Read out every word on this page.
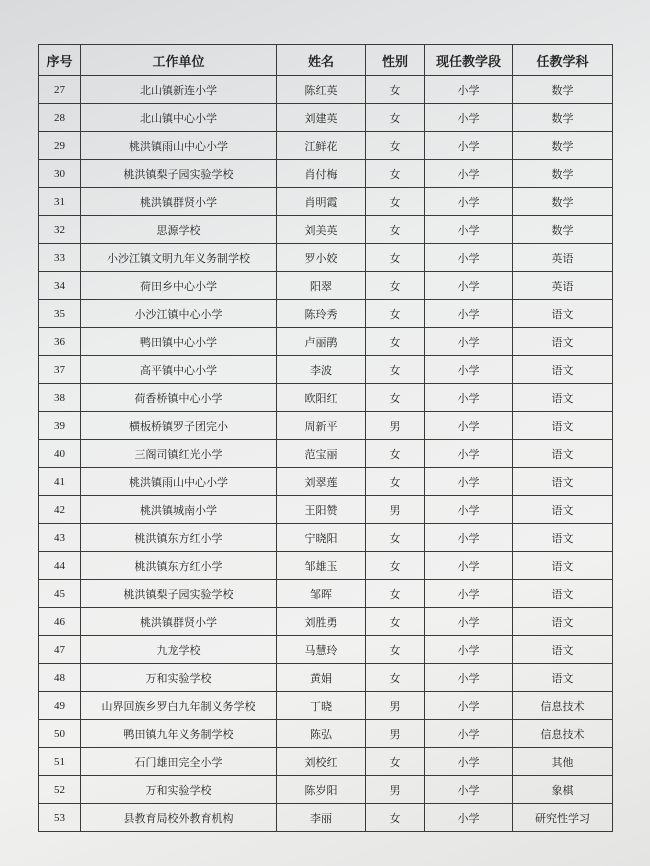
序号	工作单位	姓名	性别	现任教学段	任教学科
27	北山镇新连小学	陈红英	女	小学	数学
28	北山镇中心小学	刘建英	女	小学	数学
29	桃洪镇雨山中心小学	江鲜花	女	小学	数学
30	桃洪镇梨子园实验学校	肖付梅	女	小学	数学
31	桃洪镇群贤小学	肖明霞	女	小学	数学
32	思源学校	刘美英	女	小学	数学
33	小沙江镇文明九年义务制学校	罗小姣	女	小学	英语
34	荷田乡中心小学	阳翠	女	小学	英语
35	小沙江镇中心小学	陈玲秀	女	小学	语文
36	鸭田镇中心小学	卢丽鹃	女	小学	语文
37	高平镇中心小学	李波	女	小学	语文
38	荷香桥镇中心小学	欧阳红	女	小学	语文
39	横板桥镇罗子团完小	周新平	男	小学	语文
40	三阁司镇红光小学	范宝丽	女	小学	语文
41	桃洪镇雨山中心小学	刘翠莲	女	小学	语文
42	桃洪镇城南小学	王阳赞	男	小学	语文
43	桃洪镇东方红小学	宁晓阳	女	小学	语文
44	桃洪镇东方红小学	邹雄玉	女	小学	语文
45	桃洪镇梨子园实验学校	邹晖	女	小学	语文
46	桃洪镇群贤小学	刘胜勇	女	小学	语文
47	九龙学校	马慧玲	女	小学	语文
48	万和实验学校	黄娟	女	小学	语文
49	山界回族乡罗白九年制义务学校	丁晓	男	小学	信息技术
50	鸭田镇九年义务制学校	陈弘	男	小学	信息技术
51	石门雄田完全小学	刘校红	女	小学	其他
52	万和实验学校	陈岁阳	男	小学	象棋
53	县教育局校外教育机构	李丽	女	小学	研究性学习
